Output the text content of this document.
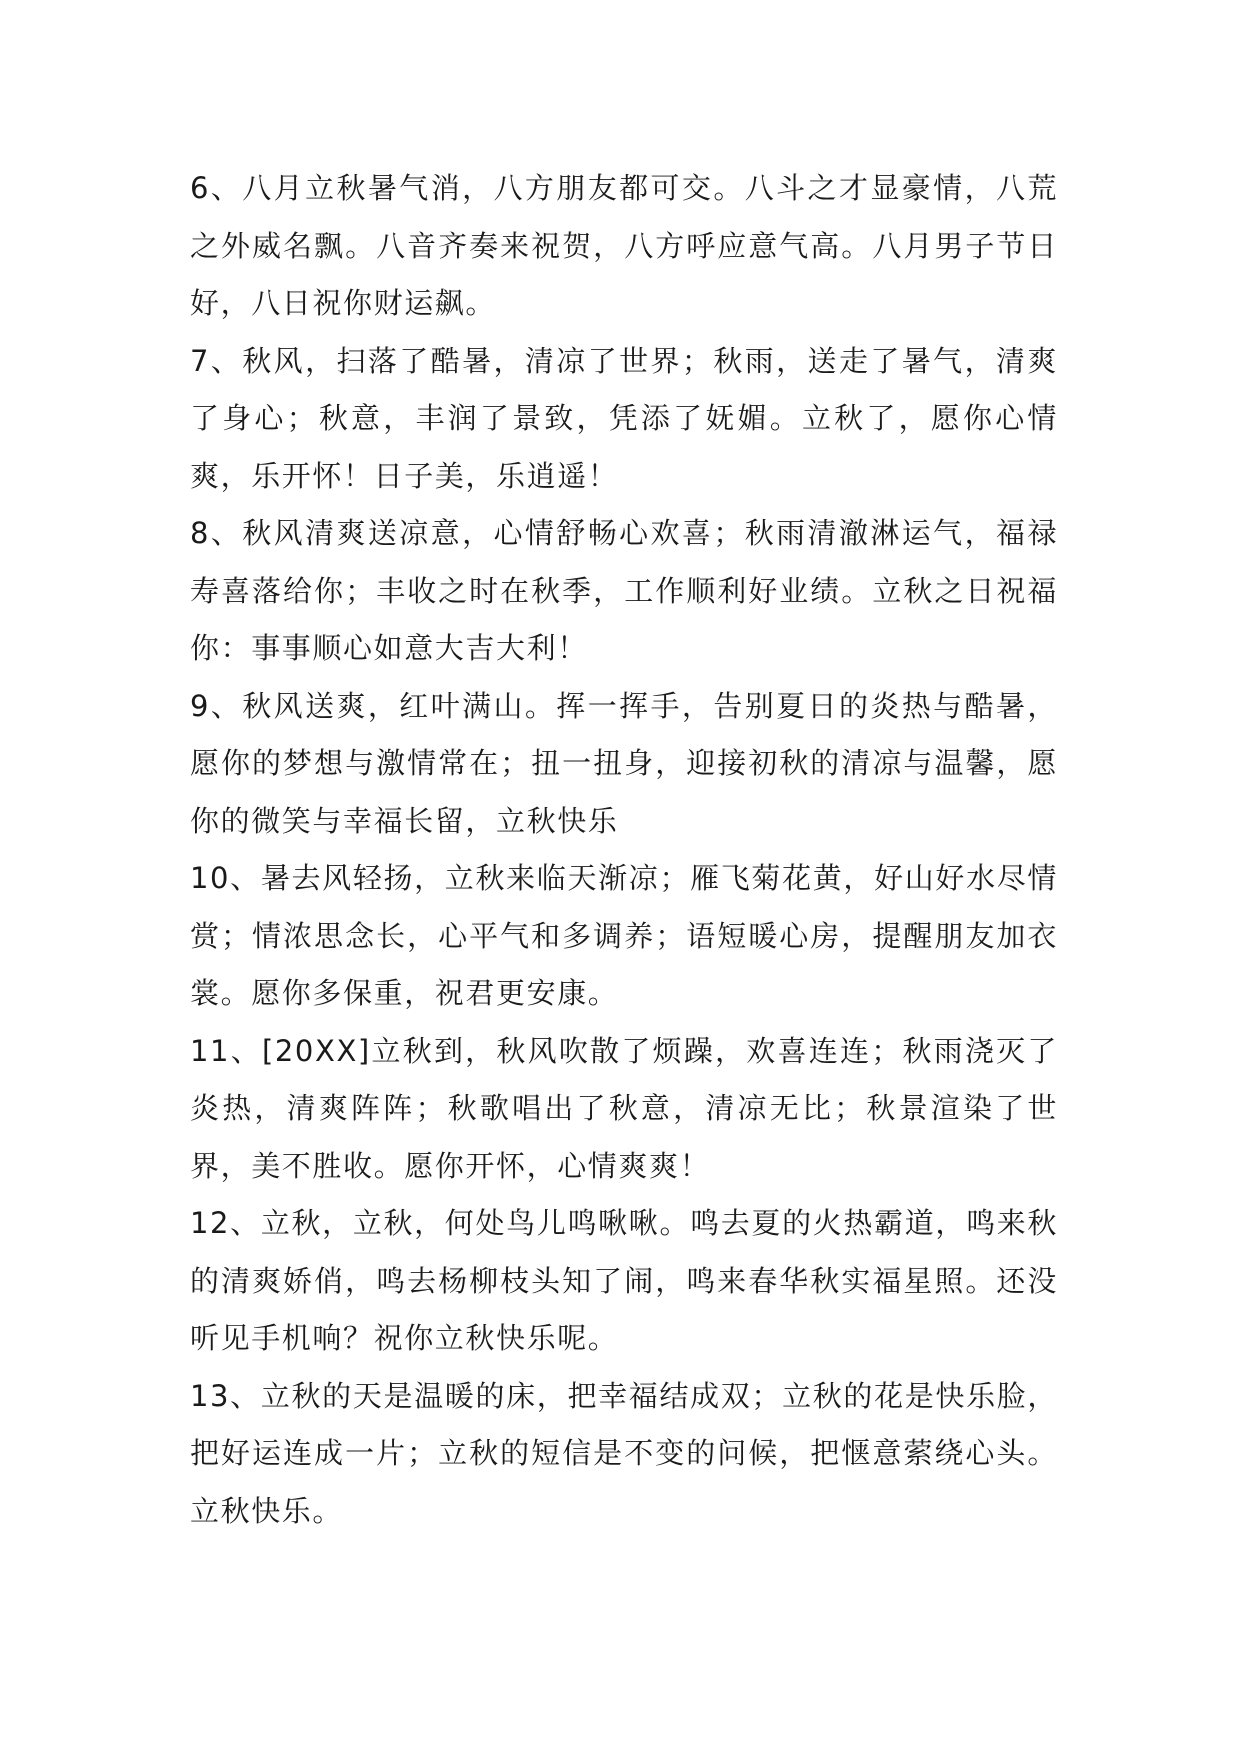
6、八月立秋暑气消，八方朋友都可交。八斗之才显豪情，八荒之外威名飘。八音齐奏来祝贺，八方呼应意气高。八月男子节日好，八日祝你财运飙。

7、秋风，扫落了酷暑，清凉了世界；秋雨，送走了暑气，清爽了身心；秋意，丰润了景致，凭添了妩媚。立秋了，愿你心情爽，乐开怀！日子美，乐逍遥！

8、秋风清爽送凉意，心情舒畅心欢喜；秋雨清澈淋运气，福禄寿喜落给你；丰收之时在秋季，工作顺利好业绩。立秋之日祝福你：事事顺心如意大吉大利！

9、秋风送爽，红叶满山。挥一挥手，告别夏日的炎热与酷暑，愿你的梦想与激情常在；扭一扭身，迎接初秋的清凉与温馨，愿你的微笑与幸福长留，立秋快乐

10、暑去风轻扬，立秋来临天渐凉；雁飞菊花黄，好山好水尽情赏；情浓思念长，心平气和多调养；语短暖心房，提醒朋友加衣裳。愿你多保重，祝君更安康。

11、[20XX]立秋到，秋风吹散了烦躁，欢喜连连；秋雨浇灭了炎热，清爽阵阵；秋歌唱出了秋意，清凉无比；秋景渲染了世界，美不胜收。愿你开怀，心情爽爽！

12、立秋，立秋，何处鸟儿鸣啾啾。鸣去夏的火热霸道，鸣来秋的清爽娇俏，鸣去杨柳枝头知了闹，鸣来春华秋实福星照。还没听见手机响？祝你立秋快乐呢。

13、立秋的天是温暖的床，把幸福结成双；立秋的花是快乐脸，把好运连成一片；立秋的短信是不变的问候，把惬意萦绕心头。立秋快乐。
